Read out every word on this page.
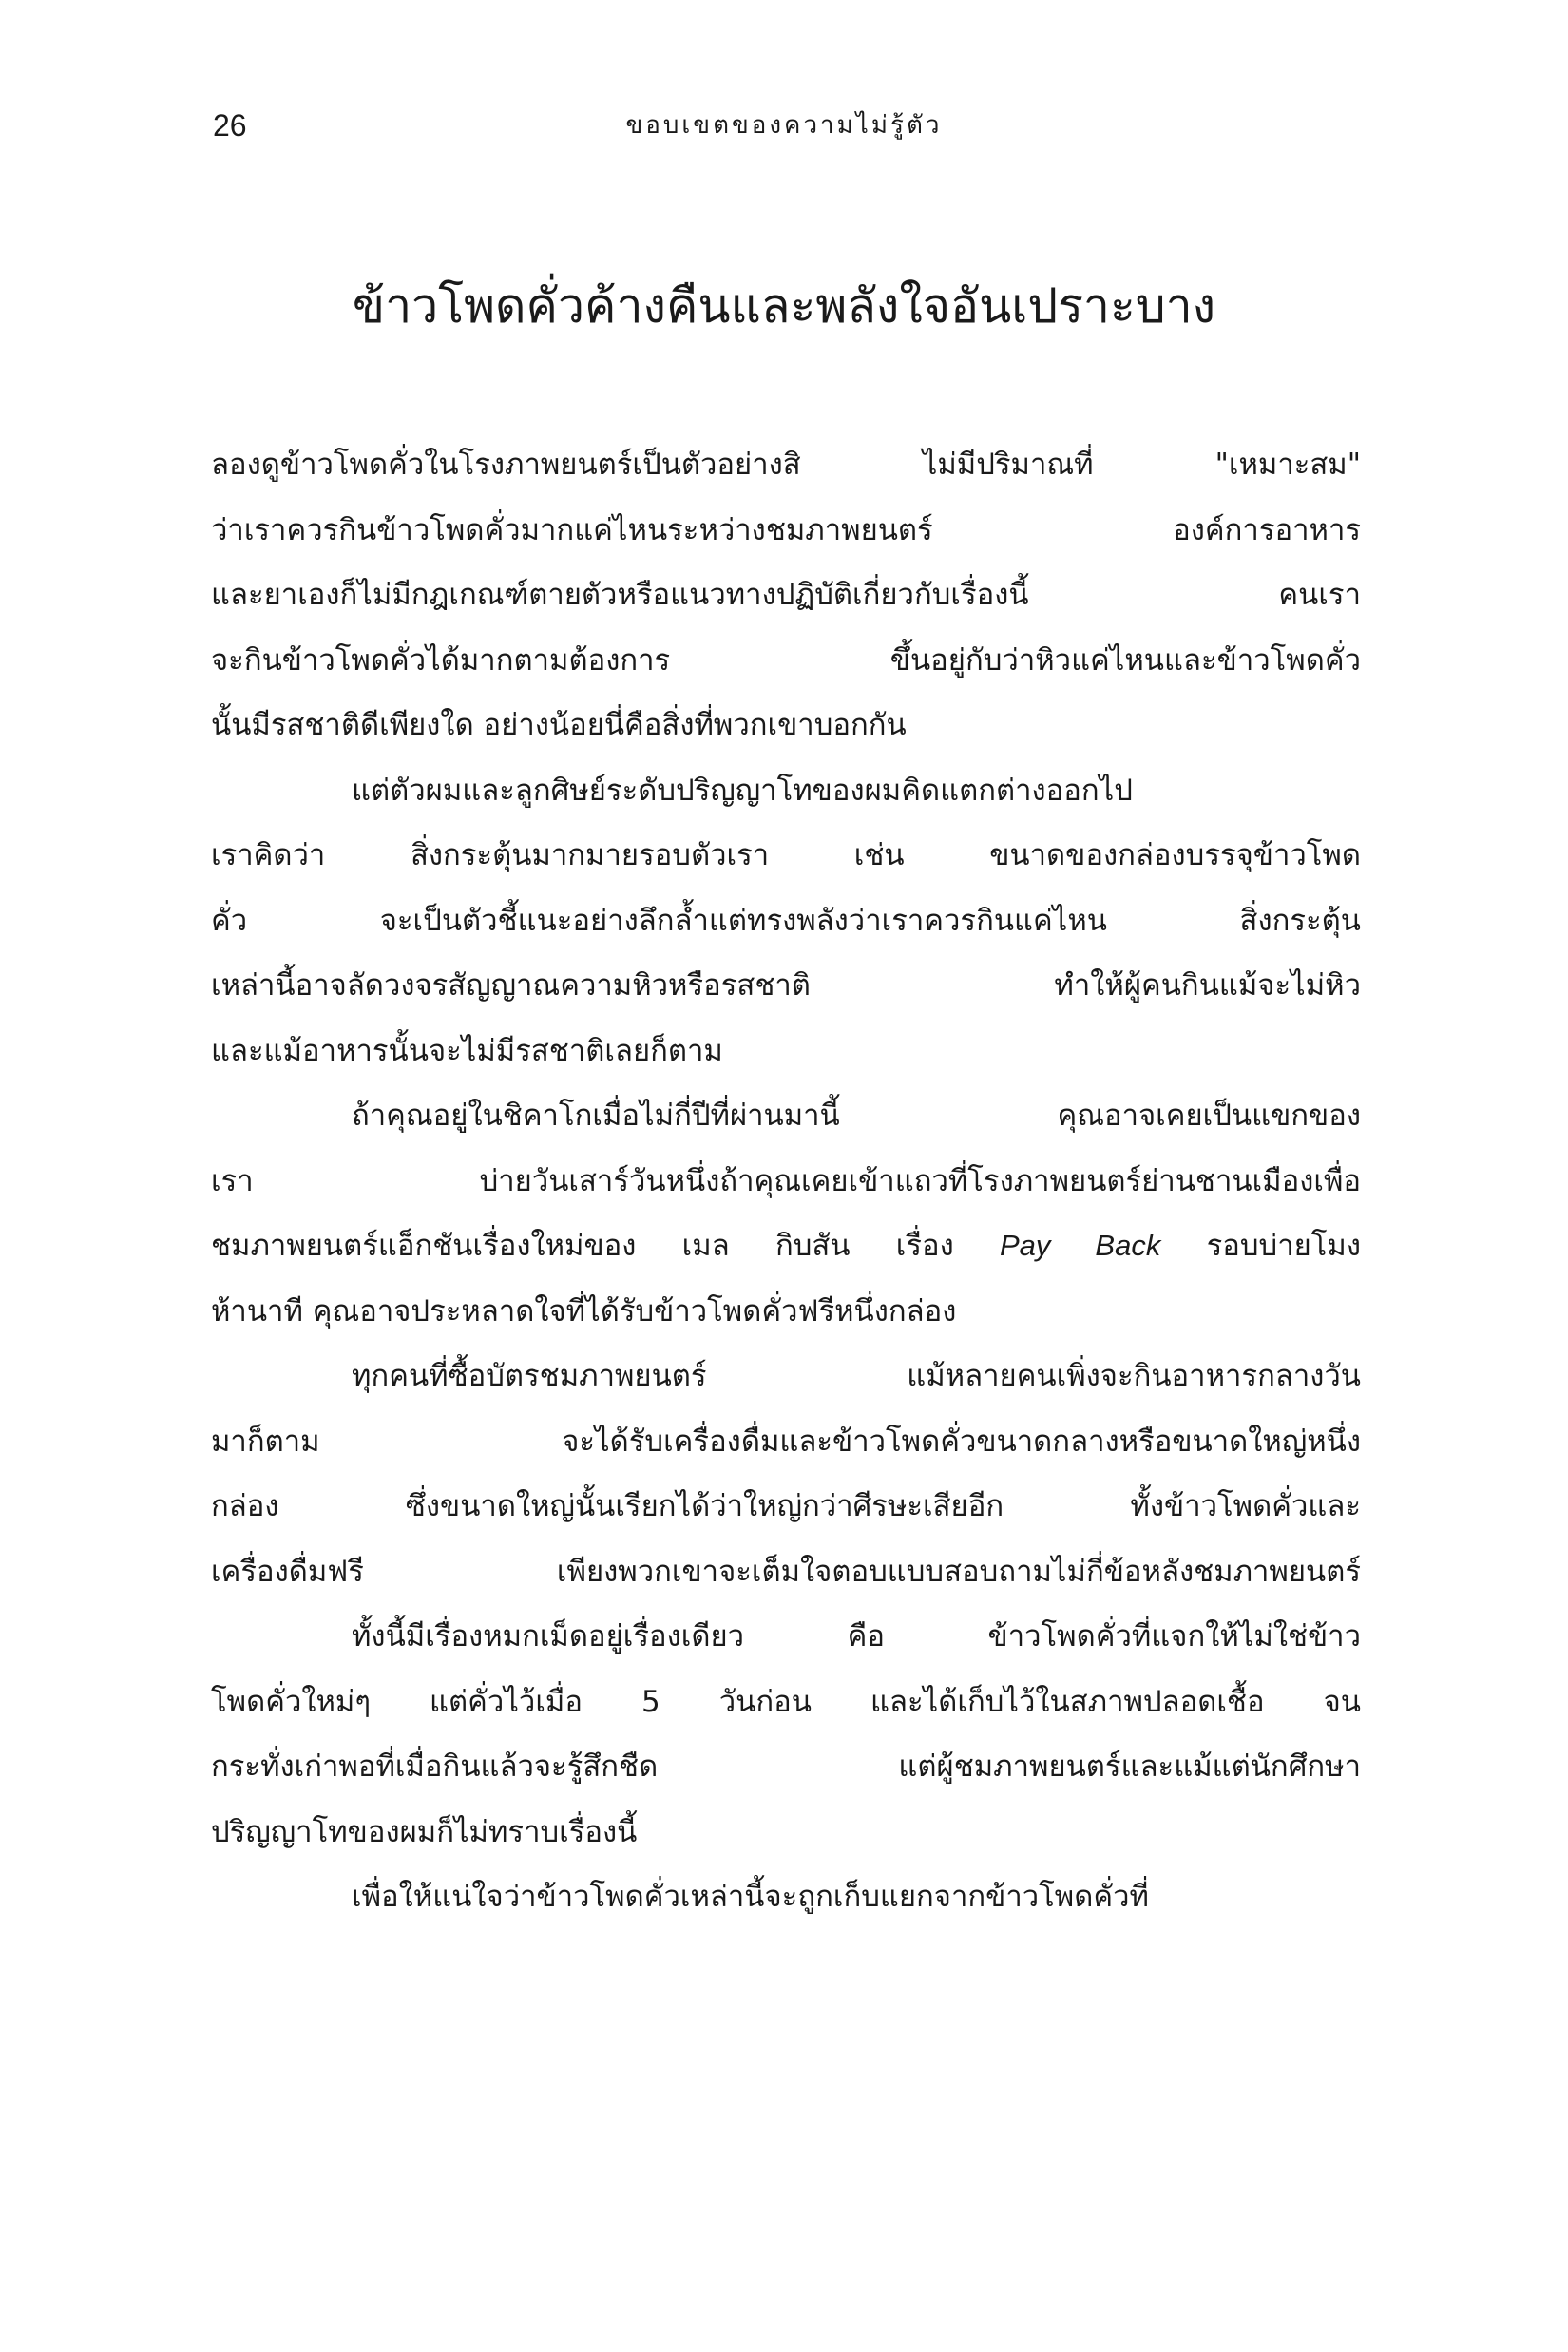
26	ขอบเขตของความไม่รู้ตัว
ข้าวโพดคั่วค้างคืนและพลังใจอันเปราะบาง
ลองดูข้าวโพดคั่วในโรงภาพยนตร์เป็นตัวอย่างสิ ไม่มีปริมาณที่ "เหมาะสม"
ว่าเราควรกินข้าวโพดคั่วมากแค่ไหนระหว่างชมภาพยนตร์ องค์การอาหาร
และยาเองก็ไม่มีกฎเกณฑ์ตายตัวหรือแนวทางปฏิบัติเกี่ยวกับเรื่องนี้ คนเรา
จะกินข้าวโพดคั่วได้มากตามต้องการ ขึ้นอยู่กับว่าหิวแค่ไหนและข้าวโพดคั่ว
นั้นมีรสชาติดีเพียงใด อย่างน้อยนี่คือสิ่งที่พวกเขาบอกกัน
แต่ตัวผมและลูกศิษย์ระดับปริญญาโทของผมคิดแตกต่างออกไป
เราคิดว่า สิ่งกระตุ้นมากมายรอบตัวเรา เช่น ขนาดของกล่องบรรจุข้าวโพด
คั่ว จะเป็นตัวชี้แนะอย่างลึกล้ำแต่ทรงพลังว่าเราควรกินแค่ไหน สิ่งกระตุ้น
เหล่านี้อาจลัดวงจรสัญญาณความหิวหรือรสชาติ ทำให้ผู้คนกินแม้จะไม่หิว
และแม้อาหารนั้นจะไม่มีรสชาติเลยก็ตาม
ถ้าคุณอยู่ในชิคาโกเมื่อไม่กี่ปีที่ผ่านมานี้ คุณอาจเคยเป็นแขกของ
เรา บ่ายวันเสาร์วันหนึ่งถ้าคุณเคยเข้าแถวที่โรงภาพยนตร์ย่านชานเมืองเพื่อ
ชมภาพยนตร์แอ็กชันเรื่องใหม่ของ เมล กิบสัน เรื่อง Pay Back รอบบ่ายโมง
ห้านาที คุณอาจประหลาดใจที่ได้รับข้าวโพดคั่วฟรีหนึ่งกล่อง
ทุกคนที่ซื้อบัตรชมภาพยนตร์ แม้หลายคนเพิ่งจะกินอาหารกลางวัน
มาก็ตาม จะได้รับเครื่องดื่มและข้าวโพดคั่วขนาดกลางหรือขนาดใหญ่หนึ่ง
กล่อง ซึ่งขนาดใหญ่นั้นเรียกได้ว่าใหญ่กว่าศีรษะเสียอีก ทั้งข้าวโพดคั่วและ
เครื่องดื่มฟรี เพียงพวกเขาจะเต็มใจตอบแบบสอบถามไม่กี่ข้อหลังชมภาพยนตร์
ทั้งนี้มีเรื่องหมกเม็ดอยู่เรื่องเดียว คือ ข้าวโพดคั่วที่แจกให้ไม่ใช่ข้าว
โพดคั่วใหม่ๆ แต่คั่วไว้เมื่อ 5 วันก่อน และได้เก็บไว้ในสภาพปลอดเชื้อ จน
กระทั่งเก่าพอที่เมื่อกินแล้วจะรู้สึกชืด แต่ผู้ชมภาพยนตร์และแม้แต่นักศึกษา
ปริญญาโทของผมก็ไม่ทราบเรื่องนี้
เพื่อให้แน่ใจว่าข้าวโพดคั่วเหล่านี้จะถูกเก็บแยกจากข้าวโพดคั่วที่
